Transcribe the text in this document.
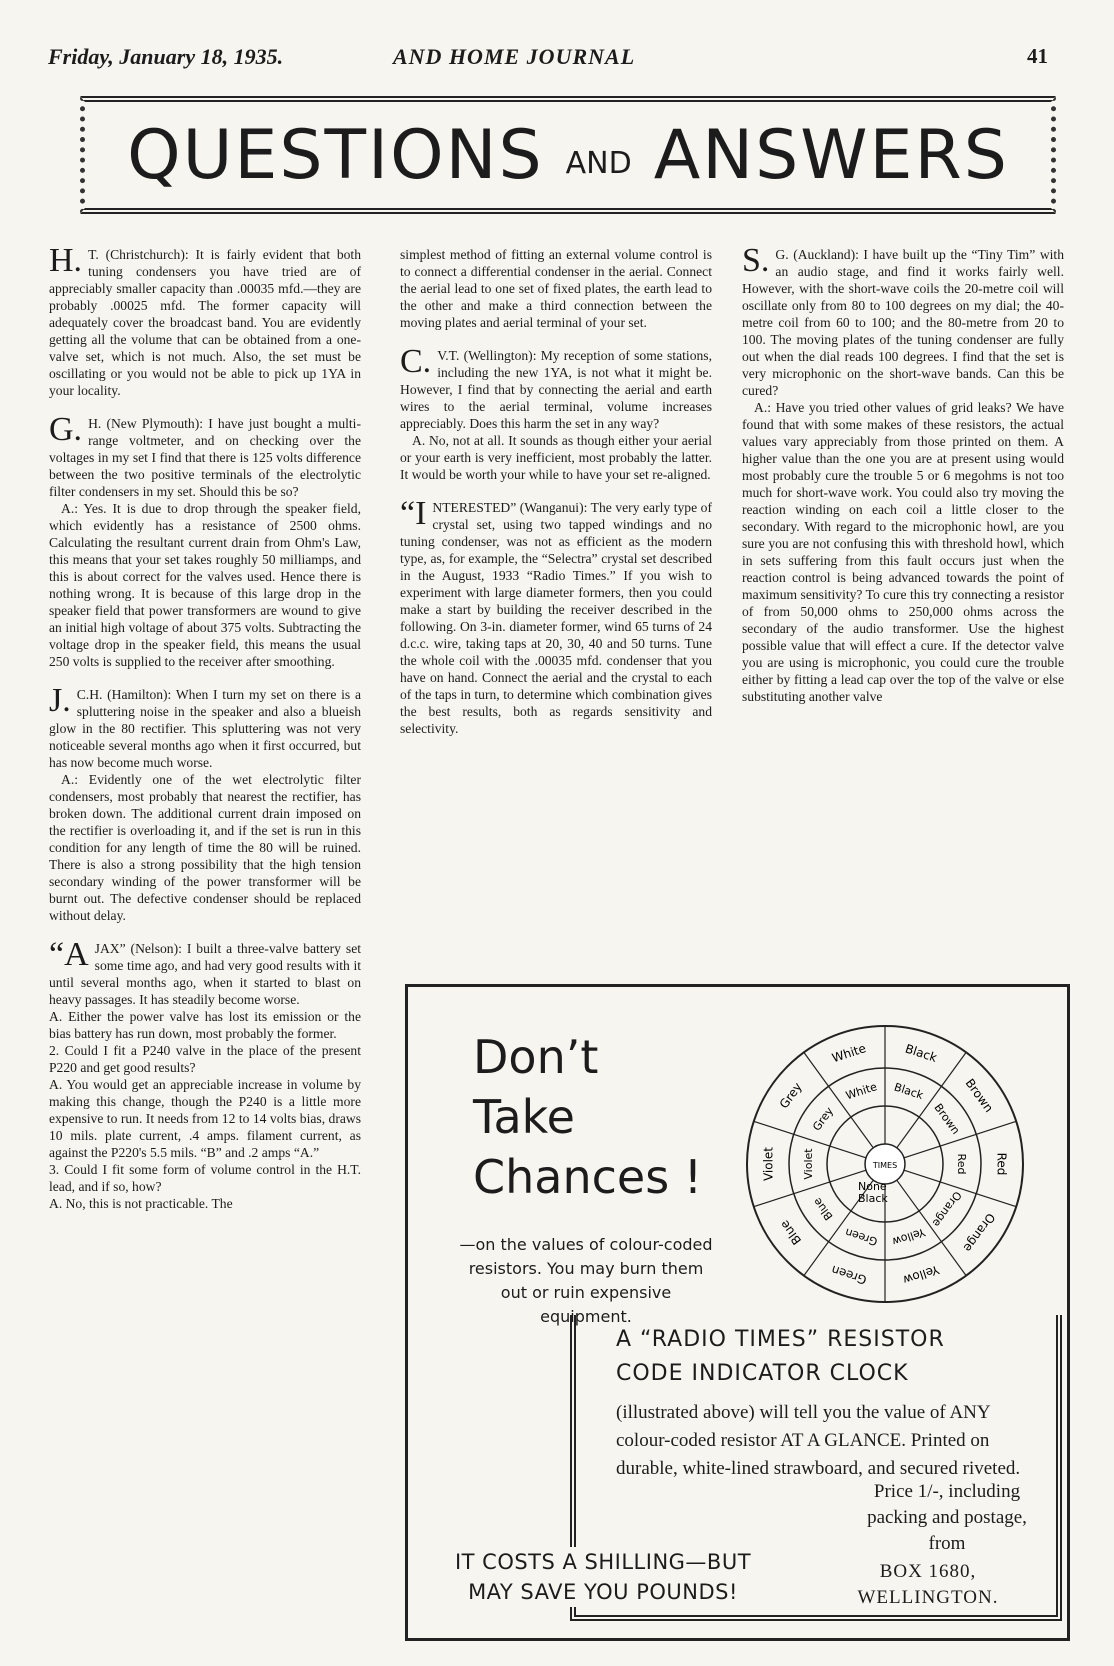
Friday, January 18, 1935.	AND HOME JOURNAL	41
QUESTIONS AND ANSWERS

H. T. (Christchurch): It is fairly evident that both tuning condensers you have tried are of appreciably smaller capacity than .00035 mfd.—they are probably .00025 mfd. The former capacity will adequately cover the broadcast band. You are evidently getting all the volume that can be obtained from a one-valve set, which is not much. Also, the set must be oscillating or you would not be able to pick up 1YA in your locality.

G. H. (New Plymouth): I have just bought a multi-range voltmeter, and on checking over the voltages in my set I find that there is 125 volts difference between the two positive terminals of the electrolytic filter condensers in my set. Should this be so?

A.: Yes. It is due to drop through the speaker field, which evidently has a resistance of 2500 ohms. Calculating the resultant current drain from Ohm's Law, this means that your set takes roughly 50 milliamps, and this is about correct for the valves used. Hence there is nothing wrong. It is because of this large drop in the speaker field that power transformers are wound to give an initial high voltage of about 375 volts. Subtracting the voltage drop in the speaker field, this means the usual 250 volts is supplied to the receiver after smoothing.

J. C.H. (Hamilton): When I turn my set on there is a spluttering noise in the speaker and also a blueish glow in the 80 rectifier. This spluttering was not very noticeable several months ago when it first occurred, but has now become much worse.

A.: Evidently one of the wet electrolytic filter condensers, most probably that nearest the rectifier, has broken down. The additional current drain imposed on the rectifier is overloading it, and if the set is run in this condition for any length of time the 80 will be ruined. There is also a strong possibility that the high tension secondary winding of the power transformer will be burnt out. The defective condenser should be replaced without delay.

“AJAX” (Nelson): I built a three-valve battery set some time ago, and had very good results with it until several months ago, when it started to blast on heavy passages. It has steadily become worse.

A. Either the power valve has lost its emission or the bias battery has run down, most probably the former.

2. Could I fit a P240 valve in the place of the present P220 and get good results?

A. You would get an appreciable increase in volume by making this change, though the P240 is a little more expensive to run. It needs from 12 to 14 volts bias, draws 10 mils. plate current, .4 amps. filament current, as against the P220's 5.5 mils. “B” and .2 amps “A.”

3. Could I fit some form of volume control in the H.T. lead, and if so, how?

A. No, this is not practicable. The

simplest method of fitting an external volume control is to connect a differential condenser in the aerial. Connect the aerial lead to one set of fixed plates, the earth lead to the other and make a third connection between the moving plates and aerial terminal of your set.

C. V.T. (Wellington): My reception of some stations, including the new 1YA, is not what it might be. However, I find that by connecting the aerial and earth wires to the aerial terminal, volume increases appreciably. Does this harm the set in any way?

A. No, not at all. It sounds as though either your aerial or your earth is very inefficient, most probably the latter. It would be worth your while to have your set re-aligned.

“INTERESTED” (Wanganui): The very early type of crystal set, using two tapped windings and no tuning condenser, was not as efficient as the modern type, as, for example, the “Selectra” crystal set described in the August, 1933 “Radio Times.” If you wish to experiment with large diameter formers, then you could make a start by building the receiver described in the following. On 3-in. diameter former, wind 65 turns of 24 d.c.c. wire, taking taps at 20, 30, 40 and 50 turns. Tune the whole coil with the .00035 mfd. condenser that you have on hand. Connect the aerial and the crystal to each of the taps in turn, to determine which combination gives the best results, both as regards sensitivity and selectivity.

S. G. (Auckland): I have built up the “Tiny Tim” with an audio stage, and find it works fairly well. However, with the short-wave coils the 20-metre coil will oscillate only from 80 to 100 degrees on my dial; the 40-metre coil from 60 to 100; and the 80-metre from 20 to 100. The moving plates of the tuning condenser are fully out when the dial reads 100 degrees. I find that the set is very microphonic on the short-wave bands. Can this be cured?

A.: Have you tried other values of grid leaks? We have found that with some makes of these resistors, the actual values vary appreciably from those printed on them. A higher value than the one you are at present using would most probably cure the trouble 5 or 6 megohms is not too much for short-wave work. You could also try moving the reaction winding on each coil a little closer to the secondary. With regard to the microphonic howl, are you sure you are not confusing this with threshold howl, which in sets suffering from this fault occurs just when the reaction control is being advanced towards the point of maximum sensitivity? To cure this try connecting a resistor of from 50,000 ohms to 250,000 ohms across the secondary of the audio transformer. Use the highest possible value that will effect a cure. If the detector valve you are using is microphonic, you could cure the trouble either by fitting a lead cap over the top of the valve or else substituting another valve

Don’t
Take
Chances !
—on the values of colour-coded resistors. You may burn them out or ruin expensive equipment.
Black
Black	Brown
Brown
Red
Red
Orange
Orange
Yellow
Yellow
Green
Green
Blue
Blue
Violet Violet
Grey
Grey
White
White
TIMES
None
Black
A “RADIO TIMES” RESISTOR
CODE INDICATOR CLOCK
(illustrated above) will tell you the value of ANY colour-coded resistor AT A GLANCE. Printed on durable, white-lined strawboard, and secured riveted.
Price 1/-, including packing and postage, from
IT COSTS A SHILLING—BUT
MAY SAVE YOU POUNDS!
BOX 1680,
WELLINGTON.
